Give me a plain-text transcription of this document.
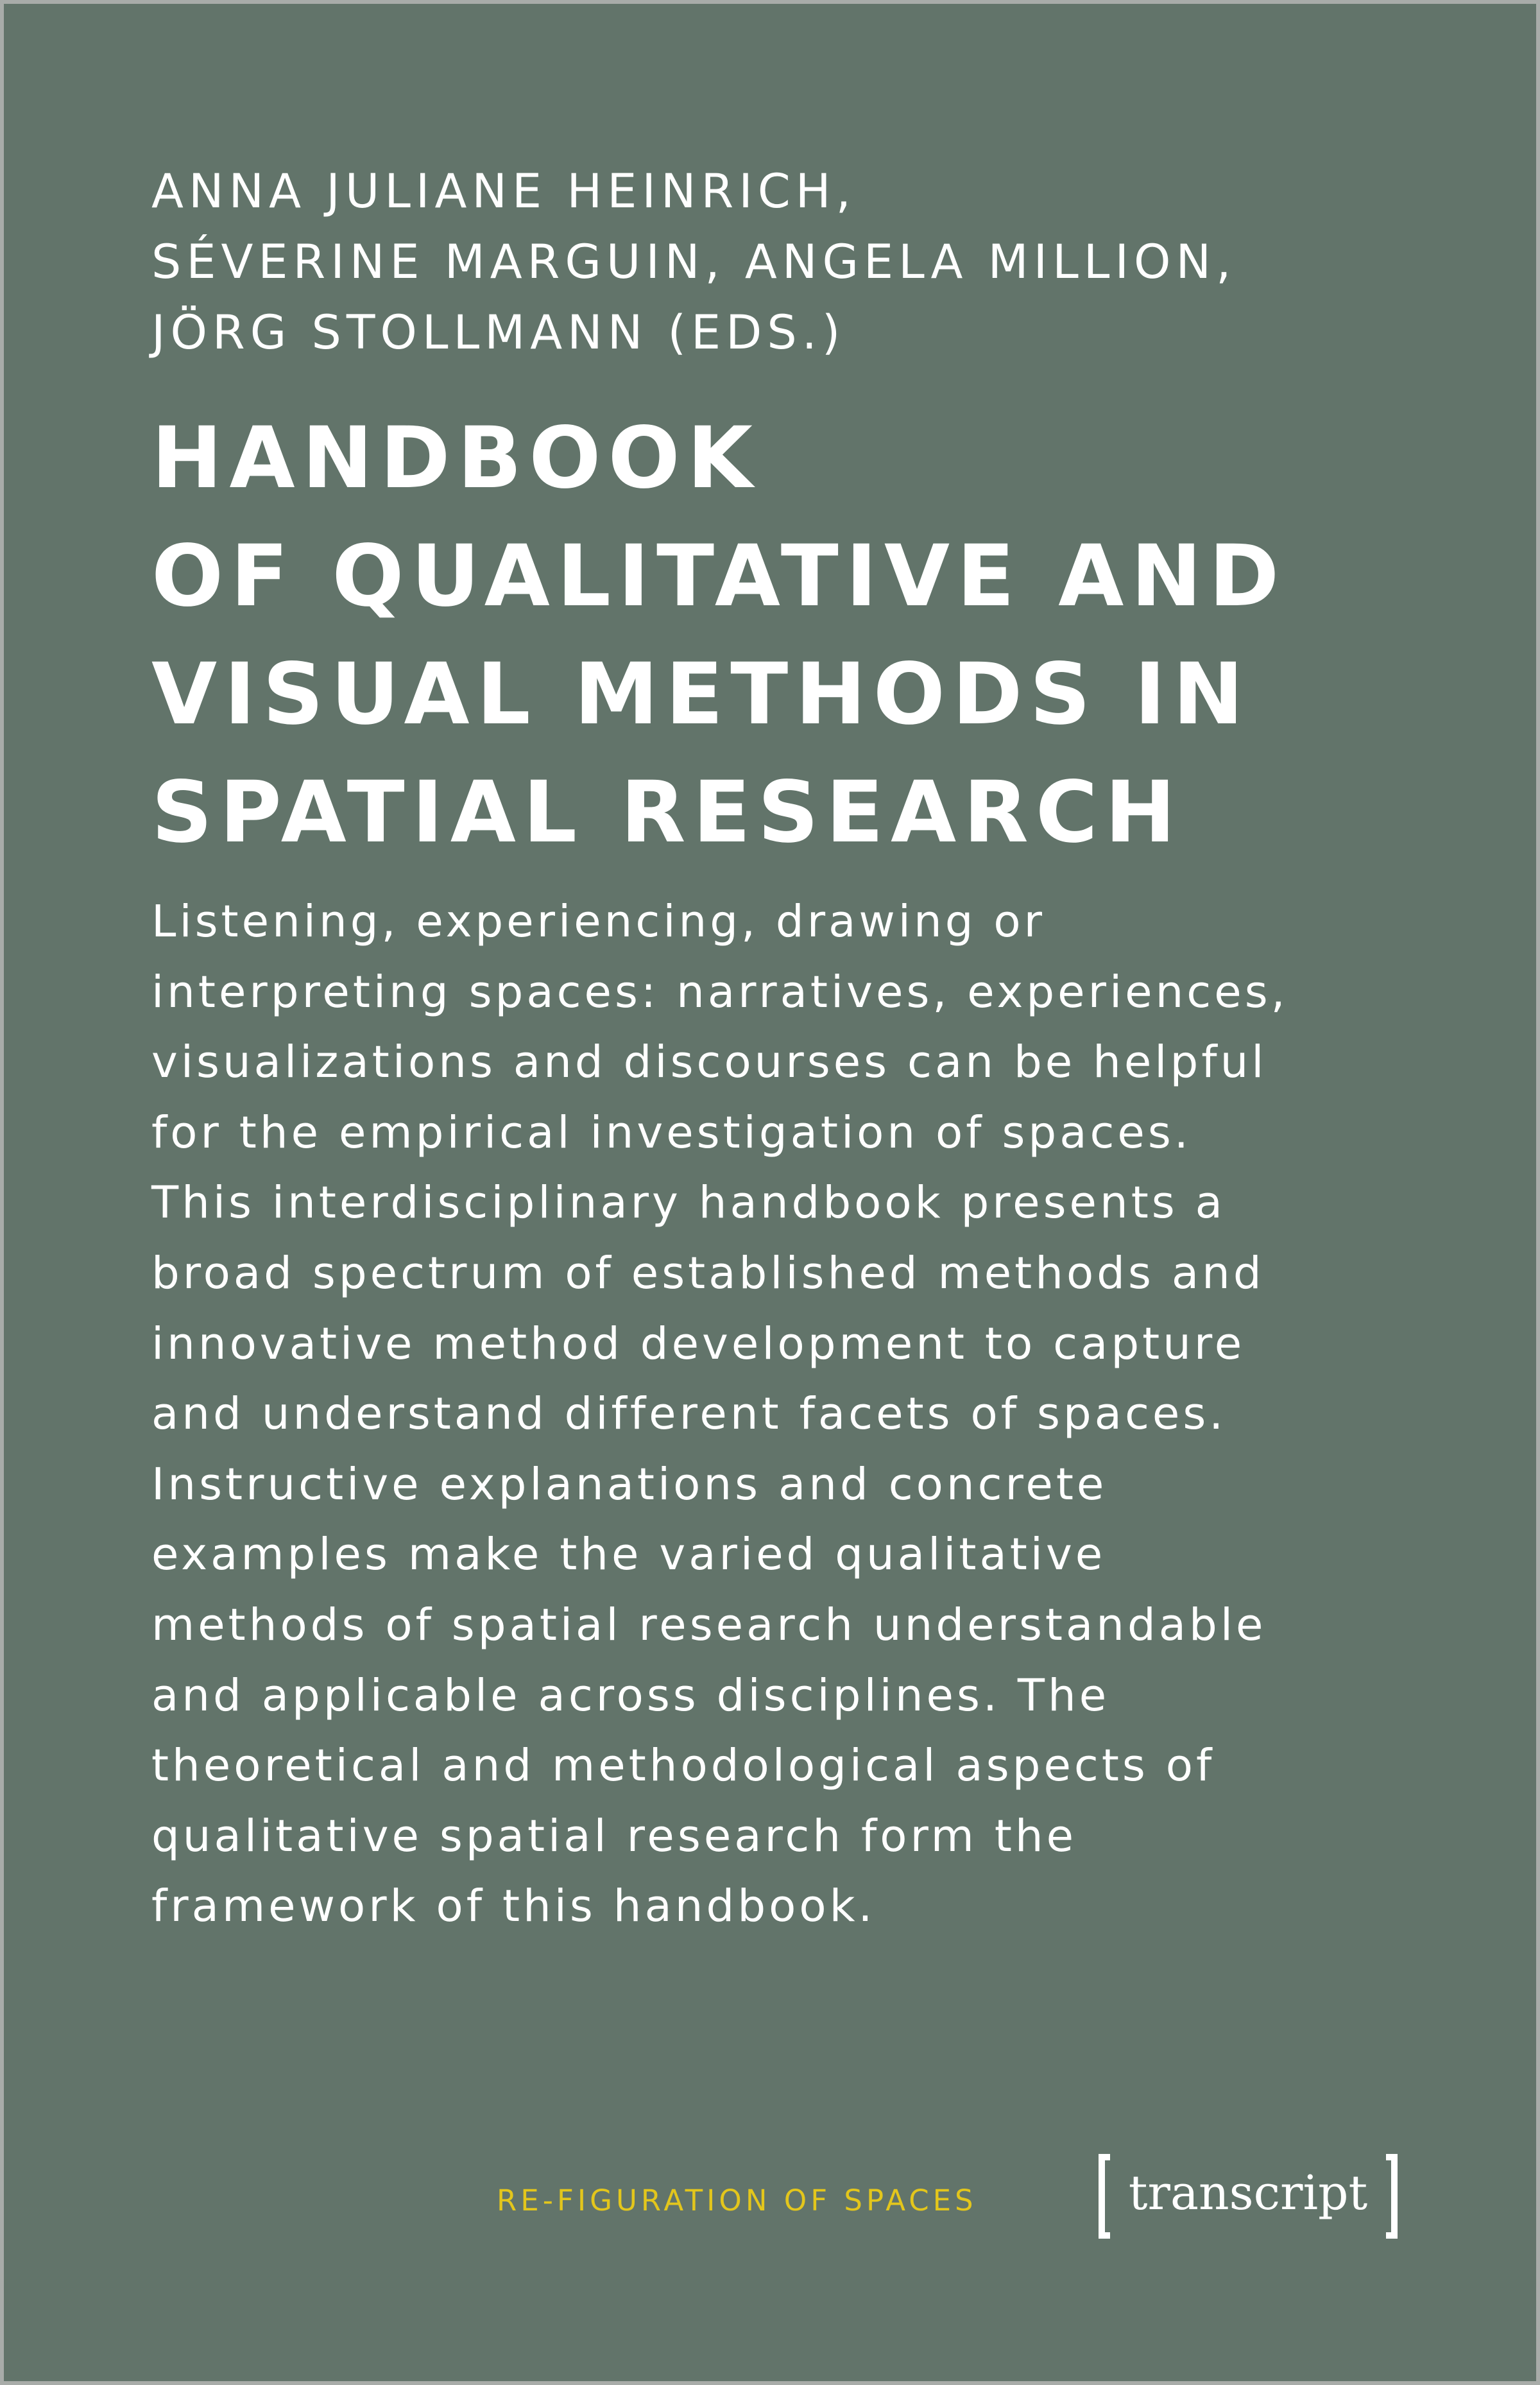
ANNA JULIANE HEINRICH,
SÉVERINE MARGUIN, ANGELA MILLION,
JÖRG STOLLMANN (EDS.)

HANDBOOK
OF QUALITATIVE AND
VISUAL METHODS IN
SPATIAL RESEARCH

Listening, experiencing, drawing or
interpreting spaces: narratives, experiences,
visualizations and discourses can be helpful
for the empirical investigation of spaces.
This interdisciplinary handbook presents a
broad spectrum of established methods and
innovative method development to capture
and understand different facets of spaces.
Instructive explanations and concrete
examples make the varied qualitative
methods of spatial research understandable
and applicable across disciplines. The
theoretical and methodological aspects of
qualitative spatial research form the
framework of this handbook.

RE-FIGURATION OF SPACES	transcript
